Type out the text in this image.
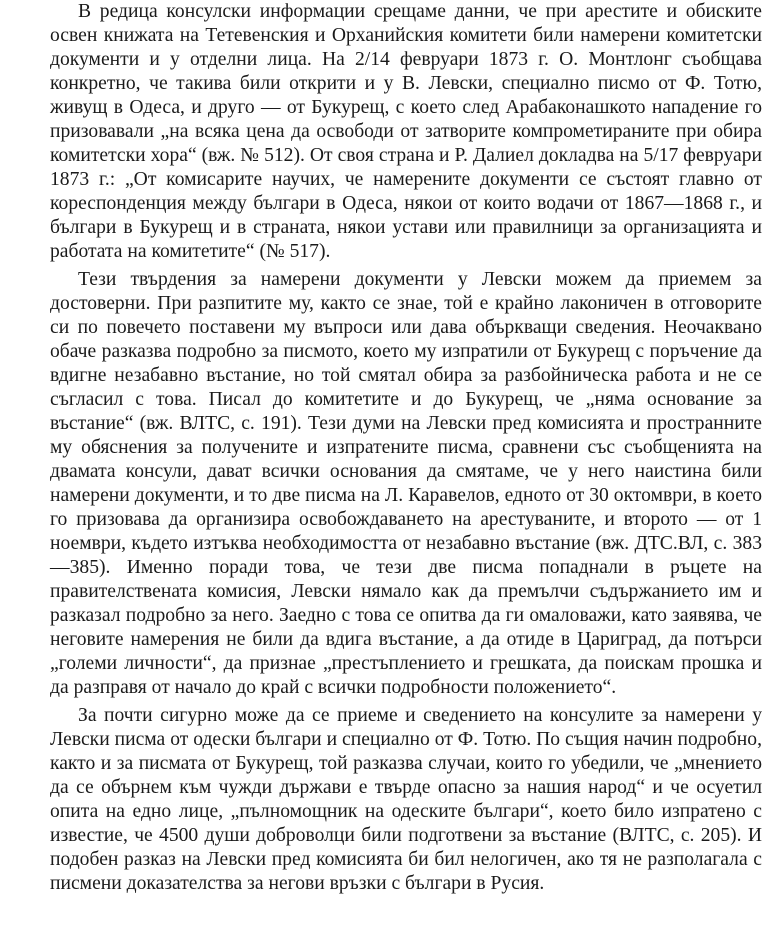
В редица консулски информации срещаме данни, че при арестите и обиските освен книжата на Тетевенския и Орханийския комитети били намерени комитетски документи и у отделни лица. На 2/14 февруари 1873 г. О. Монтлонг съобщава конкретно, че такива били открити и у В. Левски, специално писмо от Ф. Тотю, живущ в Одеса, и друго — от Букурещ, с което след Арабаконашкото нападение го призовавали „на всяка цена да освободи от затворите компрометираните при обира комитетски хора“ (вж. № 512). От своя страна и Р. Далиел докладва на 5/17 февруари 1873 г.: „От комисарите научих, че намерените документи се състоят главно от кореспонденция между българи в Одеса, някои от които водачи от 1867—1868 г., и българи в Букурещ и в страната, някои устави или правилници за организацията и работата на комитетите“ (№ 517).

Тези твърдения за намерени документи у Левски можем да приемем за достоверни. При разпитите му, както се знае, той е крайно лаконичен в отговорите си по повечето поставени му въпроси или дава объркващи сведения. Неочаквано обаче разказва подробно за писмото, което му изпратили от Букурещ с поръчение да вдигне незабавно въстание, но той смятал обира за разбойническа работа и не се съгласил с това. Писал до комитетите и до Букурещ, че „няма основание за въстание“ (вж. ВЛТС, с. 191). Тези думи на Левски пред комисията и пространните му обяснения за получените и изпратените писма, сравнени със съобщенията на двамата консули, дават всички основания да смятаме, че у него наистина били намерени документи, и то две писма на Л. Каравелов, едното от 30 октомври, в което го призовава да организира освобождаването на арестуваните, и второто — от 1 ноември, където изтъква необходимостта от незабавно въстание (вж. ДТС.ВЛ, с. 383—385). Именно поради това, че тези две писма попаднали в ръцете на правителствената комисия, Левски нямало как да премълчи съдържанието им и разказал подробно за него. Заедно с това се опитва да ги омаловажи, като заявява, че неговите намерения не били да вдига въстание, а да отиде в Цариград, да потърси „големи личности“, да признае „престъплението и грешката, да поискам прошка и да разправя от начало до край с всички подробности положението“.

За почти сигурно може да се приеме и сведението на консулите за намерени у Левски писма от одески българи и специално от Ф. Тотю. По същия начин подробно, както и за писмата от Букурещ, той разказва случаи, които го убедили, че „мнението да се обърнем към чужди държави е твърде опасно за нашия народ“ и че осуетил опита на едно лице, „пълномощник на одеските българи“, което било изпратено с известие, че 4500 души доброволци били подготвени за въстание (ВЛТС, с. 205). И подобен разказ на Левски пред комисията би бил нелогичен, ако тя не разполагала с писмени доказателства за негови връзки с българи в Русия.
